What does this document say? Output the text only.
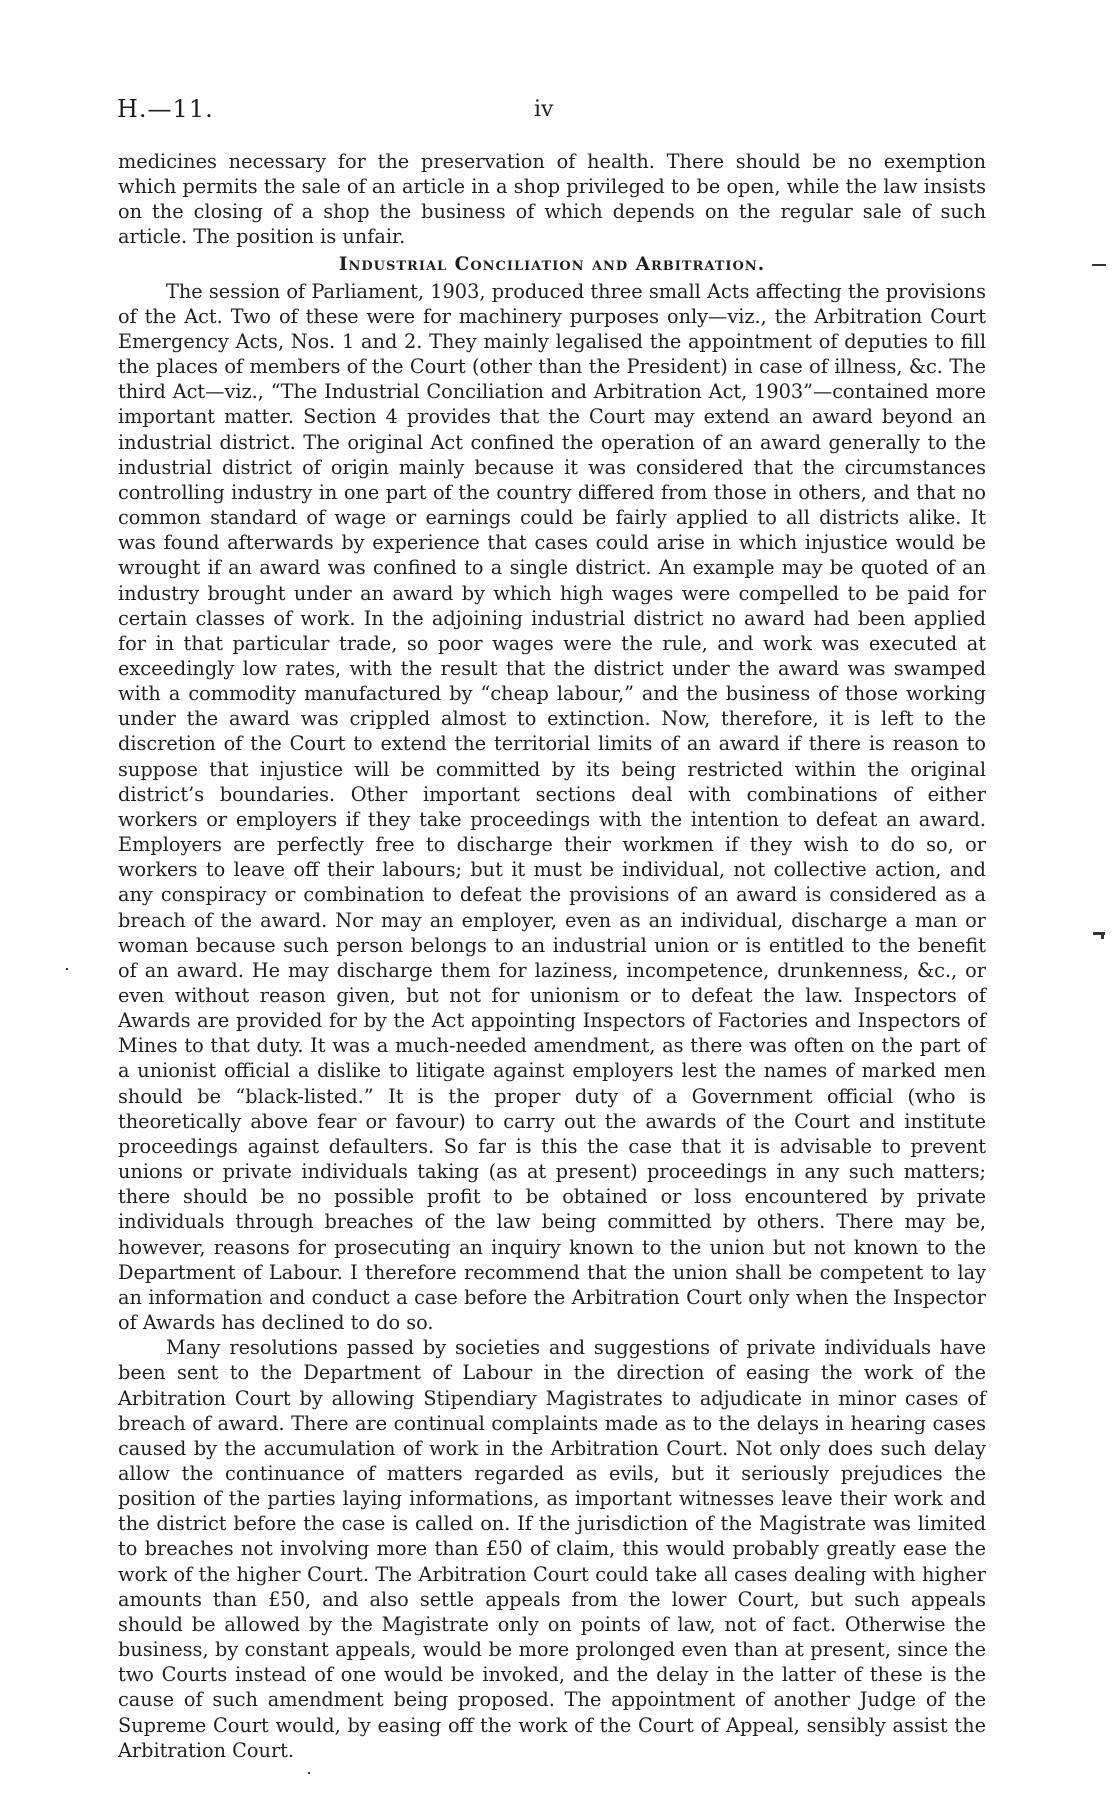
H.—11.	iv

medicines necessary for the preservation of health. There should be no exemption which permits the sale of an article in a shop privileged to be open, while the law insists on the closing of a shop the business of which depends on the regular sale of such article. The position is unfair.

Industrial Conciliation and Arbitration.

The session of Parliament, 1903, produced three small Acts affecting the provisions of the Act. Two of these were for machinery purposes only—viz., the Arbitration Court Emergency Acts, Nos. 1 and 2. They mainly legalised the appointment of deputies to fill the places of members of the Court (other than the President) in case of illness, &c. The third Act—viz., “The Industrial Conciliation and Arbitration Act, 1903”—contained more important matter. Section 4 provides that the Court may extend an award beyond an industrial district. The original Act confined the operation of an award generally to the industrial district of origin mainly because it was considered that the circumstances controlling industry in one part of the country differed from those in others, and that no common standard of wage or earnings could be fairly applied to all districts alike. It was found afterwards by experience that cases could arise in which injustice would be wrought if an award was confined to a single district. An example may be quoted of an industry brought under an award by which high wages were compelled to be paid for certain classes of work. In the adjoining industrial district no award had been applied for in that particular trade, so poor wages were the rule, and work was executed at exceedingly low rates, with the result that the district under the award was swamped with a commodity manufactured by “cheap labour,” and the business of those working under the award was crippled almost to extinction. Now, therefore, it is left to the discretion of the Court to extend the territorial limits of an award if there is reason to suppose that injustice will be committed by its being restricted within the original district’s boundaries. Other important sections deal with combinations of either workers or employers if they take proceedings with the intention to defeat an award. Employers are perfectly free to discharge their workmen if they wish to do so, or workers to leave off their labours; but it must be individual, not collective action, and any conspiracy or combination to defeat the provisions of an award is considered as a breach of the award. Nor may an employer, even as an individual, discharge a man or woman because such person belongs to an industrial union or is entitled to the benefit of an award. He may discharge them for laziness, incompetence, drunkenness, &c., or even without reason given, but not for unionism or to defeat the law. Inspectors of Awards are provided for by the Act appointing Inspectors of Factories and Inspectors of Mines to that duty. It was a much-needed amendment, as there was often on the part of a unionist official a dislike to litigate against employers lest the names of marked men should be “black-listed.” It is the proper duty of a Government official (who is theoretically above fear or favour) to carry out the awards of the Court and institute proceedings against defaulters. So far is this the case that it is advisable to prevent unions or private individuals taking (as at present) proceedings in any such matters; there should be no possible profit to be obtained or loss encountered by private individuals through breaches of the law being committed by others. There may be, however, reasons for prosecuting an inquiry known to the union but not known to the Department of Labour. I therefore recommend that the union shall be competent to lay an information and conduct a case before the Arbitration Court only when the Inspector of Awards has declined to do so.

Many resolutions passed by societies and suggestions of private individuals have been sent to the Department of Labour in the direction of easing the work of the Arbitration Court by allowing Stipendiary Magistrates to adjudicate in minor cases of breach of award. There are continual complaints made as to the delays in hearing cases caused by the accumulation of work in the Arbitration Court. Not only does such delay allow the continuance of matters regarded as evils, but it seriously prejudices the position of the parties laying informations, as important witnesses leave their work and the district before the case is called on. If the jurisdiction of the Magistrate was limited to breaches not involving more than £50 of claim, this would probably greatly ease the work of the higher Court. The Arbitration Court could take all cases dealing with higher amounts than £50, and also settle appeals from the lower Court, but such appeals should be allowed by the Magistrate only on points of law, not of fact. Otherwise the business, by constant appeals, would be more prolonged even than at present, since the two Courts instead of one would be invoked, and the delay in the latter of these is the cause of such amendment being proposed. The appointment of another Judge of the Supreme Court would, by easing off the work of the Court of Appeal, sensibly assist the Arbitration Court.
